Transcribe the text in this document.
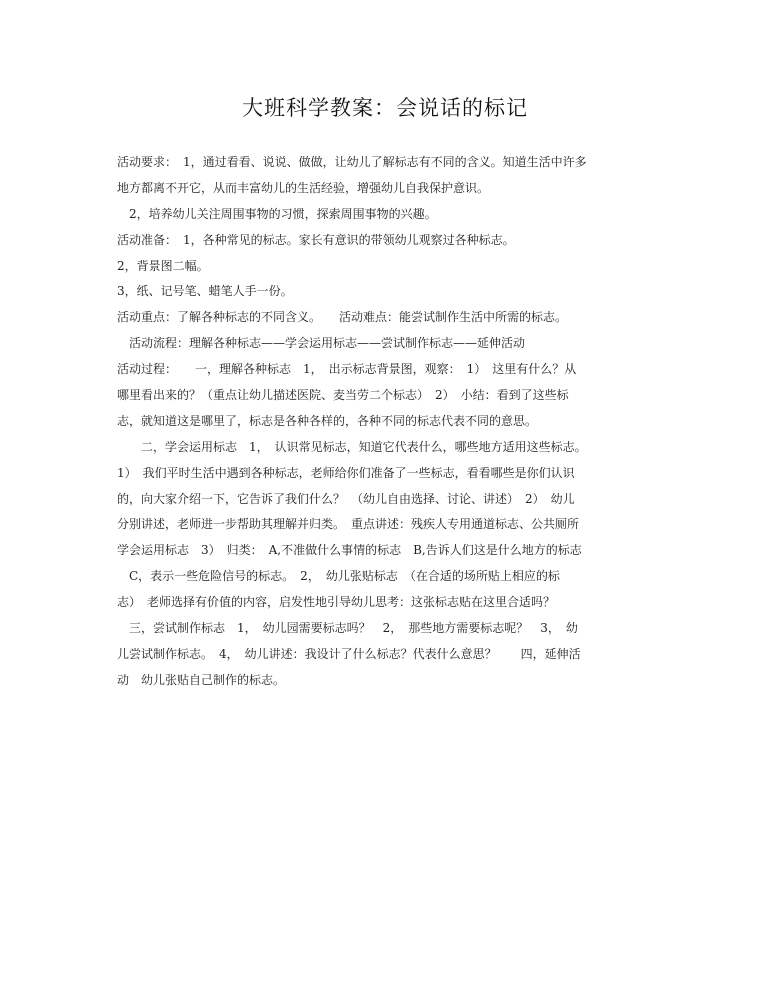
大班科学教案：会说话的标记
活动要求：　1，通过看看、说说、做做，让幼儿了解标志有不同的含义。知道生活中许多
地方都离不开它，从而丰富幼儿的生活经验，增强幼儿自我保护意识。
　2，培养幼儿关注周围事物的习惯，探索周围事物的兴趣。
活动准备：　1，各种常见的标志。家长有意识的带领幼儿观察过各种标志。
2，背景图二幅。
3，纸、记号笔、蜡笔人手一份。
活动重点：了解各种标志的不同含义。　　活动难点：能尝试制作生活中所需的标志。
　活动流程：理解各种标志——学会运用标志——尝试制作标志——延伸活动
活动过程：　　一，理解各种标志　1，　出示标志背景图，观察：　1）　这里有什么？从
哪里看出来的？（重点让幼儿描述医院、麦当劳二个标志）　2）　小结：看到了这些标
志，就知道这是哪里了，标志是各种各样的，各种不同的标志代表不同的意思。
　　二，学会运用标志　1，　认识常见标志，知道它代表什么，哪些地方适用这些标志。
1）　我们平时生活中遇到各种标志，老师给你们准备了一些标志，看看哪些是你们认识
的，向大家介绍一下，它告诉了我们什么？　（幼儿自由选择、讨论、讲述）　2）　幼儿
分别讲述，老师进一步帮助其理解并归类。　重点讲述：残疾人专用通道标志、公共厕所
学会运用标志　3）　归类：　A,不准做什么事情的标志　B,告诉人们这是什么地方的标志
　C，表示一些危险信号的标志。　2，　幼儿张贴标志　（在合适的场所贴上相应的标
志）　老师选择有价值的内容，启发性地引导幼儿思考：这张标志贴在这里合适吗？
　三，尝试制作标志　1，　幼儿园需要标志吗？　2，　那些地方需要标志呢？　3，　幼
儿尝试制作标志。　4，　幼儿讲述：我设计了什么标志？代表什么意思？　　四，延伸活
动　幼儿张贴自己制作的标志。
